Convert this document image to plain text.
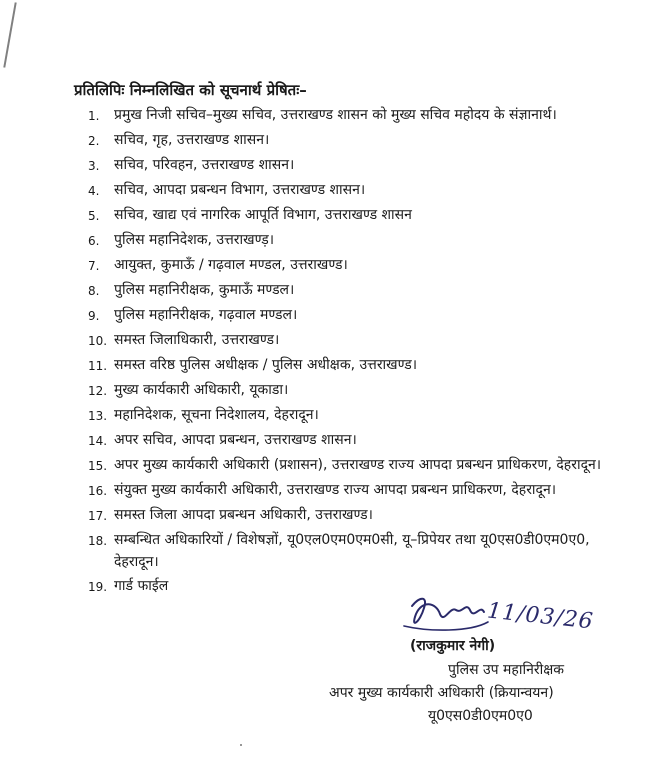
प्रतिलिपिः निम्नलिखित को सूचनार्थ प्रेषितः–
1.	प्रमुख निजी सचिव–मुख्य सचिव, उत्तराखण्ड शासन को मुख्य सचिव महोदय के संज्ञानार्थ।
2.	सचिव, गृह, उत्तराखण्ड शासन।
3.	सचिव, परिवहन, उत्तराखण्ड शासन।
4.	सचिव, आपदा प्रबन्धन विभाग, उत्तराखण्ड शासन।
5.	सचिव, खाद्य एवं नागरिक आपूर्ति विभाग, उत्तराखण्ड शासन
6.	पुलिस महानिदेशक, उत्तराखण्ड़।
7.	आयुक्त, कुमाऊँ / गढ़वाल मण्डल, उत्तराखण्ड।
8.	पुलिस महानिरीक्षक, कुमाऊँ मण्डल।
9.	पुलिस महानिरीक्षक, गढ़वाल मण्डल।
10. समस्त जिलाधिकारी, उत्तराखण्ड।
11. समस्त वरिष्ठ पुलिस अधीक्षक / पुलिस अधीक्षक, उत्तराखण्ड।
12. मुख्य कार्यकारी अधिकारी, यूकाडा।
13. महानिदेशक, सूचना निदेशालय, देहरादून।
14. अपर सचिव, आपदा प्रबन्धन, उत्तराखण्ड शासन।
15. अपर मुख्य कार्यकारी अधिकारी (प्रशासन), उत्तराखण्ड राज्य आपदा प्रबन्धन प्राधिकरण, देहरादून।
16. संयुक्त मुख्य कार्यकारी अधिकारी, उत्तराखण्ड राज्य आपदा प्रबन्धन प्राधिकरण, देहरादून।
17. समस्त जिला आपदा प्रबन्धन अधिकारी, उत्तराखण्ड।
18. सम्बन्धित अधिकारियों / विशेषज्ञों, यू0एल0एम0एम0सी, यू–प्रिपेयर तथा यू0एस0डी0एम0ए0, देहरादून।
19. गार्ड फाईल
11/03/26
(राजकुमार नेगी)
पुलिस उप महानिरीक्षक
अपर मुख्य कार्यकारी अधिकारी (क्रियान्वयन)
यू0एस0डी0एम0ए0
